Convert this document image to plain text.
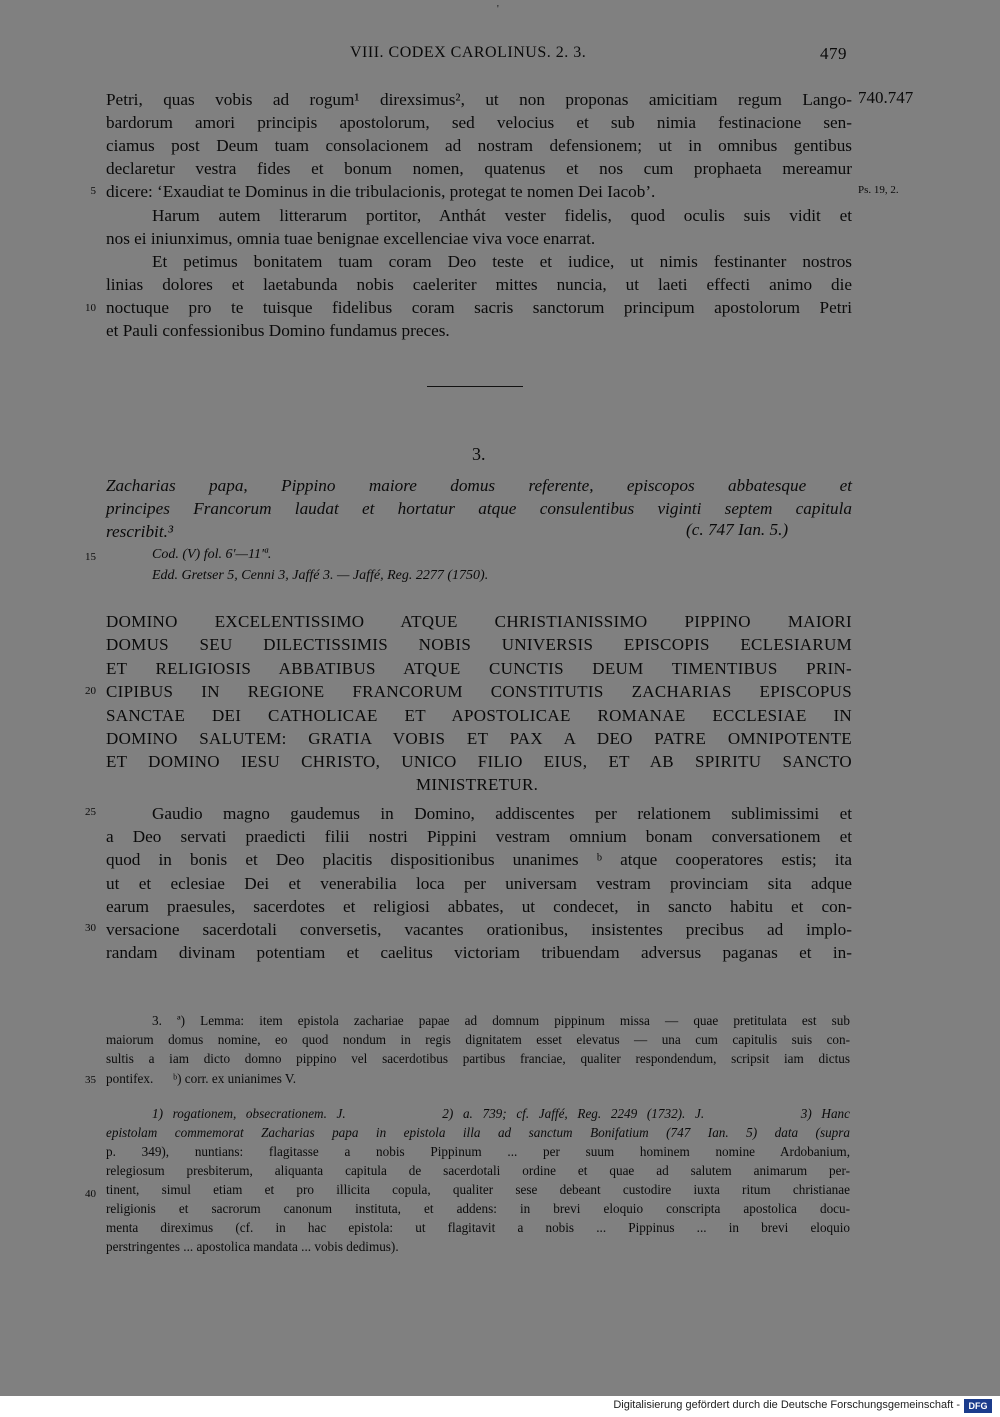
'
VIII. CODEX CAROLINUS. 2. 3.	479
740.747
Ps. 19, 2.
5
10
15
20
25
30
35
40
Petri, quas vobis ad rogum¹ direxsimus², ut non proponas amicitiam regum Lango-
bardorum amori principis apostolorum, sed velocius et sub nimia festinacione sen-
ciamus post Deum tuam consolacionem ad nostram defensionem; ut in omnibus gentibus
declaretur vestra fides et bonum nomen, quatenus et nos cum prophaeta mereamur
dicere: ‘Exaudiat te Dominus in die tribulacionis, protegat te nomen Dei Iacob’.
Harum autem litterarum portitor, Anthát vester fidelis, quod oculis suis vidit et
nos ei iniunximus, omnia tuae benignae excellenciae viva voce enarrat.
Et petimus bonitatem tuam coram Deo teste et iudice, ut nimis festinanter nostros
linias dolores et laetabunda nobis caeleriter mittes nuncia, ut laeti effecti animo die
noctuque pro te tuisque fidelibus coram sacris sanctorum principum apostolorum Petri
et Pauli confessionibus Domino fundamus preces.
3.
Zacharias papa, Pippino maiore domus referente, episcopos abbatesque et
principes Francorum laudat et hortatur atque consulentibus viginti septem capitula
rescribit.³	(c. 747 Ian. 5.)
Cod. (V) fol. 6′—11′ª.
Edd. Gretser 5, Cenni 3, Jaffé 3. — Jaffé, Reg. 2277 (1750).
DOMINO EXCELENTISSIMO ATQUE CHRISTIANISSIMO PIPPINO MAIORI
DOMUS SEU DILECTISSIMIS NOBIS UNIVERSIS EPISCOPIS ECLESIARUM
ET RELIGIOSIS ABBATIBUS ATQUE CUNCTIS DEUM TIMENTIBUS PRIN-
CIPIBUS IN REGIONE FRANCORUM CONSTITUTIS ZACHARIAS EPISCOPUS
SANCTAE DEI CATHOLICAE ET APOSTOLICAE ROMANAE ECCLESIAE IN
DOMINO SALUTEM: GRATIA VOBIS ET PAX A DEO PATRE OMNIPOTENTE
ET DOMINO IESU CHRISTO, UNICO FILIO EIUS, ET AB SPIRITU SANCTO
MINISTRETUR.
Gaudio magno gaudemus in Domino, addiscentes per relationem sublimissimi et
a Deo servati praedicti filii nostri Pippini vestram omnium bonam conversationem et
quod in bonis et Deo placitis dispositionibus unanimes ᵇ atque cooperatores estis; ita
ut et eclesiae Dei et venerabilia loca per universam vestram provinciam sita adque
earum praesules, sacerdotes et religiosi abbates, ut condecet, in sancto habitu et con-
versacione sacerdotali conversetis, vacantes orationibus, insistentes precibus ad implo-
randam divinam potentiam et caelitus victoriam tribuendam adversus paganas et in-
3. ª) Lemma: item epistola zachariae papae ad domnum pippinum missa — quae pretitulata est sub
maiorum domus nomine, eo quod nondum in regis dignitatem esset elevatus — una cum capitulis suis con-
sultis a iam dicto domno pippino vel sacerdotibus partibus franciae, qualiter respondendum, scripsit iam dictus
pontifex.      ᵇ) corr. ex unianimes V.
1) rogationem, obsecrationem. J.          2) a. 739; cf. Jaffé, Reg. 2249 (1732). J.          3) Hanc
epistolam commemorat Zacharias papa in epistola illa ad sanctum Bonifatium (747 Ian. 5) data (supra
p. 349), nuntians: flagitasse a nobis Pippinum ... per suum hominem nomine Ardobanium,
relegiosum presbiterum, aliquanta capitula de sacerdotali ordine et quae ad salutem animarum per-
tinent, simul etiam et pro illicita copula, qualiter sese debeant custodire iuxta ritum christianae
religionis et sacrorum canonum instituta, et addens: in brevi eloquio conscripta apostolica docu-
menta direximus (cf. in hac epistola: ut flagitavit a nobis ... Pippinus ... in brevi eloquio
perstringentes ... apostolica mandata ... vobis dedimus).
Digitalisierung gefördert durch die Deutsche Forschungsgemeinschaft - DFG
